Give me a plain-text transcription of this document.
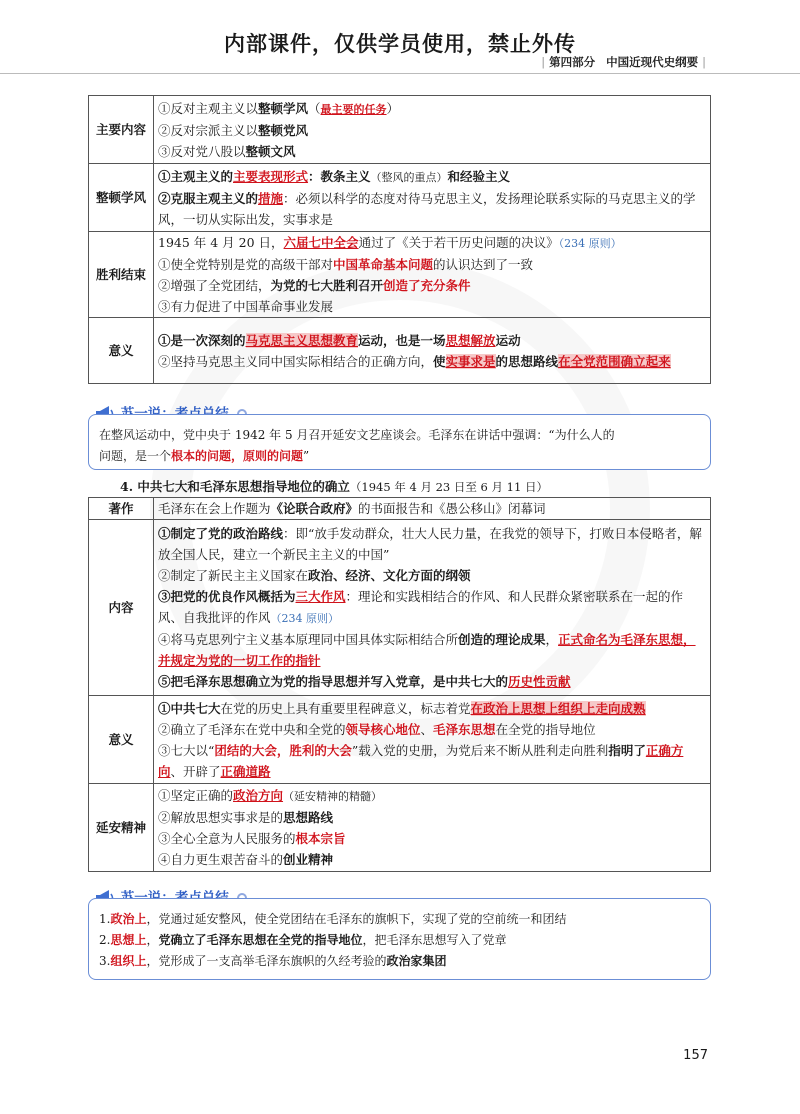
内部课件，仅供学员使用，禁止外传
| 第四部分 中国近现代史纲要 |
主要内容	①反对主观主义以整顿学风（最主要的任务）
②反对宗派主义以整顿党风
③反对党八股以整顿文风

整顿学风	①主观主义的主要表现形式：教条主义（整风的重点）和经验主义
②克服主观主义的措施：必须以科学的态度对待马克思主义，发扬理论联系实际的马克思主义的学风，一切从实际出发，实事求是

胜利结束	1945 年 4 月 20 日，六届七中全会通过了《关于若干历史问题的决议》（234 原则）
①使全党特别是党的高级干部对中国革命基本问题的认识达到了一致
②增强了全党团结，为党的七大胜利召开创造了充分条件
③有力促进了中国革命事业发展

意义	①是一次深刻的马克思主义思想教育运动，也是一场思想解放运动
②坚持马克思主义同中国实际相结合的正确方向，使实事求是的思想路线在全党范围确立起来

在整风运动中，党中央于 1942 年 5 月召开延安文艺座谈会。毛泽东在讲话中强调：“为什么人的
问题，是一个根本的问题，原则的问题”
4. 中共七大和毛泽东思想指导地位的确立（1945 年 4 月 23 日至 6 月 11 日）
著作	毛泽东在会上作题为《论联合政府》的书面报告和《愚公移山》闭幕词

内容	①制定了党的政治路线：即“放手发动群众，壮大人民力量，在我党的领导下，打败日本侵略者，解放全国人民，建立一个新民主主义的中国”
②制定了新民主主义国家在政治、经济、文化方面的纲领
③把党的优良作风概括为三大作风：理论和实践相结合的作风、和人民群众紧密联系在一起的作风、自我批评的作风（234 原则）
④将马克思列宁主义基本原理同中国具体实际相结合所创造的理论成果，正式命名为毛泽东思想，并规定为党的一切工作的指针
⑤把毛泽东思想确立为党的指导思想并写入党章，是中共七大的历史性贡献

意义	①中共七大在党的历史上具有重要里程碑意义，标志着党在政治上思想上组织上走向成熟
②确立了毛泽东在党中央和全党的领导核心地位、毛泽东思想在全党的指导地位
③七大以“团结的大会，胜利的大会”载入党的史册，为党后来不断从胜利走向胜利指明了正确方向、开辟了正确道路

延安精神	①坚定正确的政治方向（延安精神的精髓）
②解放思想实事求是的思想路线
③全心全意为人民服务的根本宗旨
④自力更生艰苦奋斗的创业精神

1.政治上，党通过延安整风，使全党团结在毛泽东的旗帜下，实现了党的空前统一和团结
2.思想上，党确立了毛泽东思想在全党的指导地位，把毛泽东思想写入了党章
3.组织上，党形成了一支高举毛泽东旗帜的久经考验的政治家集团
157
